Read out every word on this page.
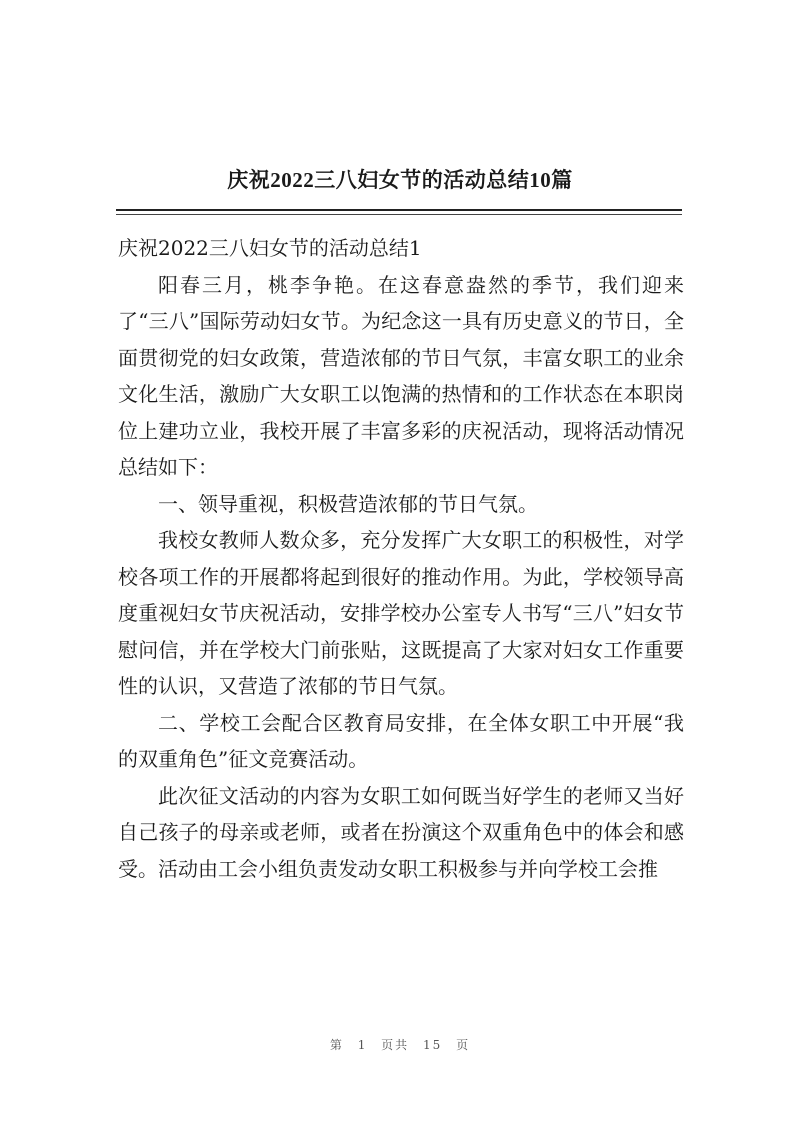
庆祝2022三八妇女节的活动总结10篇

庆祝2022三八妇女节的活动总结1

阳春三月，桃李争艳。在这春意盎然的季节，我们迎来了“三八”国际劳动妇女节。为纪念这一具有历史意义的节日，全面贯彻党的妇女政策，营造浓郁的节日气氛，丰富女职工的业余文化生活，激励广大女职工以饱满的热情和的工作状态在本职岗位上建功立业，我校开展了丰富多彩的庆祝活动，现将活动情况总结如下：

一、领导重视，积极营造浓郁的节日气氛。

我校女教师人数众多，充分发挥广大女职工的积极性，对学校各项工作的开展都将起到很好的推动作用。为此，学校领导高度重视妇女节庆祝活动，安排学校办公室专人书写“三八”妇女节慰问信，并在学校大门前张贴，这既提高了大家对妇女工作重要性的认识，又营造了浓郁的节日气氛。

二、学校工会配合区教育局安排，在全体女职工中开展“我的双重角色”征文竞赛活动。

此次征文活动的内容为女职工如何既当好学生的老师又当好自己孩子的母亲或老师，或者在扮演这个双重角色中的体会和感受。活动由工会小组负责发动女职工积极参与并向学校工会推

第 1 页共 15 页
